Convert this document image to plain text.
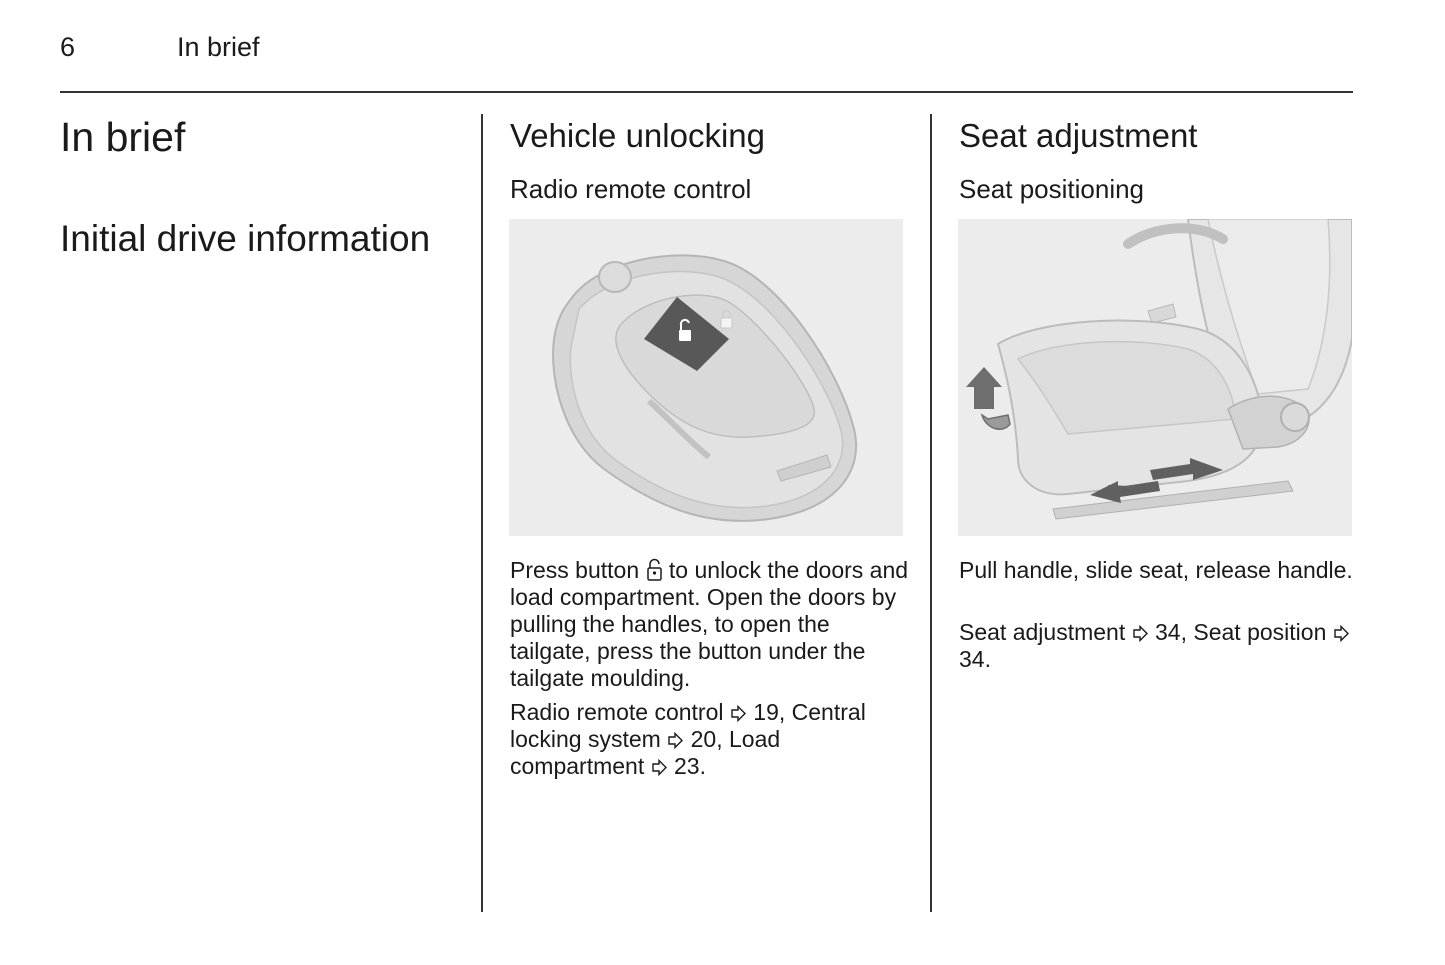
6	In brief
In brief
Initial drive information
Vehicle unlocking
Radio remote control
Press button to unlock the doors and load compartment. Open the doors by pulling the handles, to open the tailgate, press the button under the tailgate moulding.
Radio remote control 19, Central locking system 20, Load compartment 23.
Seat adjustment
Seat positioning
Pull handle, slide seat, release handle.
Seat adjustment 34, Seat position  34.
